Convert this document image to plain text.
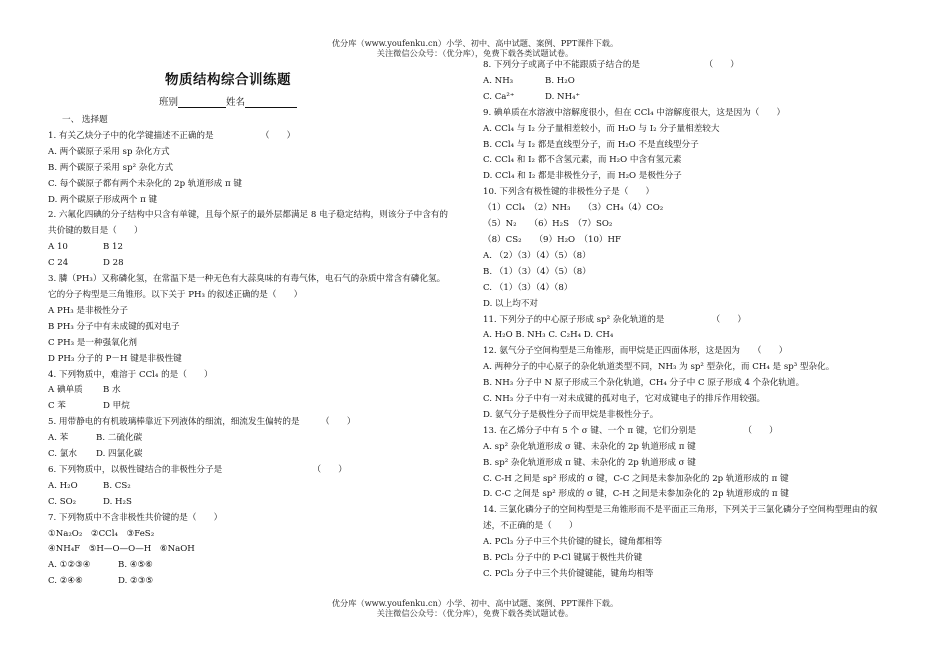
优分库（www.youfenku.cn）小学、初中、高中试题、案例、PPT课件下载。
关注微信公众号：（优分库），免费下载各类试题试卷。
物质结构综合训练题
班别	姓名
一、 选择题
1. 有关乙炔分子中的化学键描述不正确的是　　　　　　（　　）
A. 两个碳原子采用 sp 杂化方式
B. 两个碳原子采用 sp² 杂化方式
C. 每个碳原子都有两个未杂化的 2p 轨道形成 π 键
D. 两个碳原子形成两个 π 键
2. 六氟化四碘的分子结构中只含有单键，且每个原子的最外层都满足 8 电子稳定结构，则该分子中含有的共价键的数目是（　　）
A 10	B 12
C 24	D 28
3. 膦（PH₃）又称磷化氢，在常温下是一种无色有大蒜臭味的有毒气体，电石气的杂质中常含有磷化氢。它的分子构型是三角锥形。以下关于 PH₃ 的叙述正确的是（　　）
A PH₃ 是非极性分子
B PH₃ 分子中有未成键的孤对电子
C PH₃ 是一种强氧化剂
D PH₃ 分子的 P－H 键是非极性键
4. 下列物质中，难溶于 CCl₄ 的是（　　）
A 碘单质 B 水
C 苯	D 甲烷
5. 用带静电的有机玻璃棒靠近下列液体的细流，细流发生偏转的是　　　（　　）
A. 苯	B. 二硫化碳
C. 氯水 D. 四氯化碳
6. 下列物质中，以极性键结合的非极性分子是　　　　　　　　　　　（　　）
A. H₂O	B. CS₂
C. SO₂	D. H₂S
7. 下列物质中不含非极性共价键的是（　　）
①Na₂O₂　②CCl₄　③FeS₂
④NH₄F　⑤H—O—O—H　⑥NaOH
A. ①②③④	B. ④⑤⑥
C. ②④⑥	D. ②③⑤
8. 下列分子或离子中不能跟质子结合的是　　　　　　　　（　　）
A. NH₃	B. H₂O
C. Ca²⁺	D. NH₄⁺
9. 碘单质在水溶液中溶解度很小，但在 CCl₄ 中溶解度很大，这是因为（　　）
A. CCl₄ 与 I₂ 分子量相差较小，而 H₂O 与 I₂ 分子量相差较大
B. CCl₄ 与 I₂ 都是直线型分子，而 H₂O 不是直线型分子
C. CCl₄ 和 I₂ 都不含氢元素，而 H₂O 中含有氢元素
D. CCl₄ 和 I₂ 都是非极性分子，而 H₂O 是极性分子
10. 下列含有极性键的非极性分子是（　　）
（1）CCl₄　（2）NH₃　　（3）CH₄（4）CO₂
（5）N₂　　（6）H₂S　（7）SO₂
（8）CS₂　　（9）H₂O　（10）HF
A. （2）（3）（4）（5）（8）
B. （1）（3）（4）（5）（8）
C. （1）（3）（4）（8）
D. 以上均不对
11. 下列分子的中心原子形成 sp² 杂化轨道的是　　　　　　（　　）
A. H₂O B. NH₃ C. C₂H₄ D. CH₄
12. 氨气分子空间构型是三角锥形，而甲烷是正四面体形，这是因为　　（　　）
A. 两种分子的中心原子的杂化轨道类型不同，NH₃ 为 sp² 型杂化，而 CH₄ 是 sp³ 型杂化。
B. NH₃ 分子中 N 原子形成三个杂化轨道，CH₄ 分子中 C 原子形成 4 个杂化轨道。
C. NH₃ 分子中有一对未成键的孤对电子，它对成键电子的排斥作用较强。
D. 氨气分子是极性分子而甲烷是非极性分子。
13. 在乙烯分子中有 5 个 σ 键、一个 π 键，它们分别是　　　　　　（　　）
A. sp² 杂化轨道形成 σ 键、未杂化的 2p 轨道形成 π 键
B. sp² 杂化轨道形成 π 键、未杂化的 2p 轨道形成 σ 键
C. C-H 之间是 sp² 形成的 σ 键，C-C 之间是未参加杂化的 2p 轨道形成的 π 键
D. C-C 之间是 sp² 形成的 σ 键，C-H 之间是未参加杂化的 2p 轨道形成的 π 键
14. 三氯化磷分子的空间构型是三角锥形而不是平面正三角形，下列关于三氯化磷分子空间构型理由的叙述，不正确的是（　　）
A. PCl₃ 分子中三个共价键的键长，键角都相等
B. PCl₃ 分子中的 P-Cl 键属于极性共价键
C. PCl₃ 分子中三个共价键键能，键角均相等
优分库（www.youfenku.cn）小学、初中、高中试题、案例、PPT课件下载。
关注微信公众号：（优分库），免费下载各类试题试卷。
